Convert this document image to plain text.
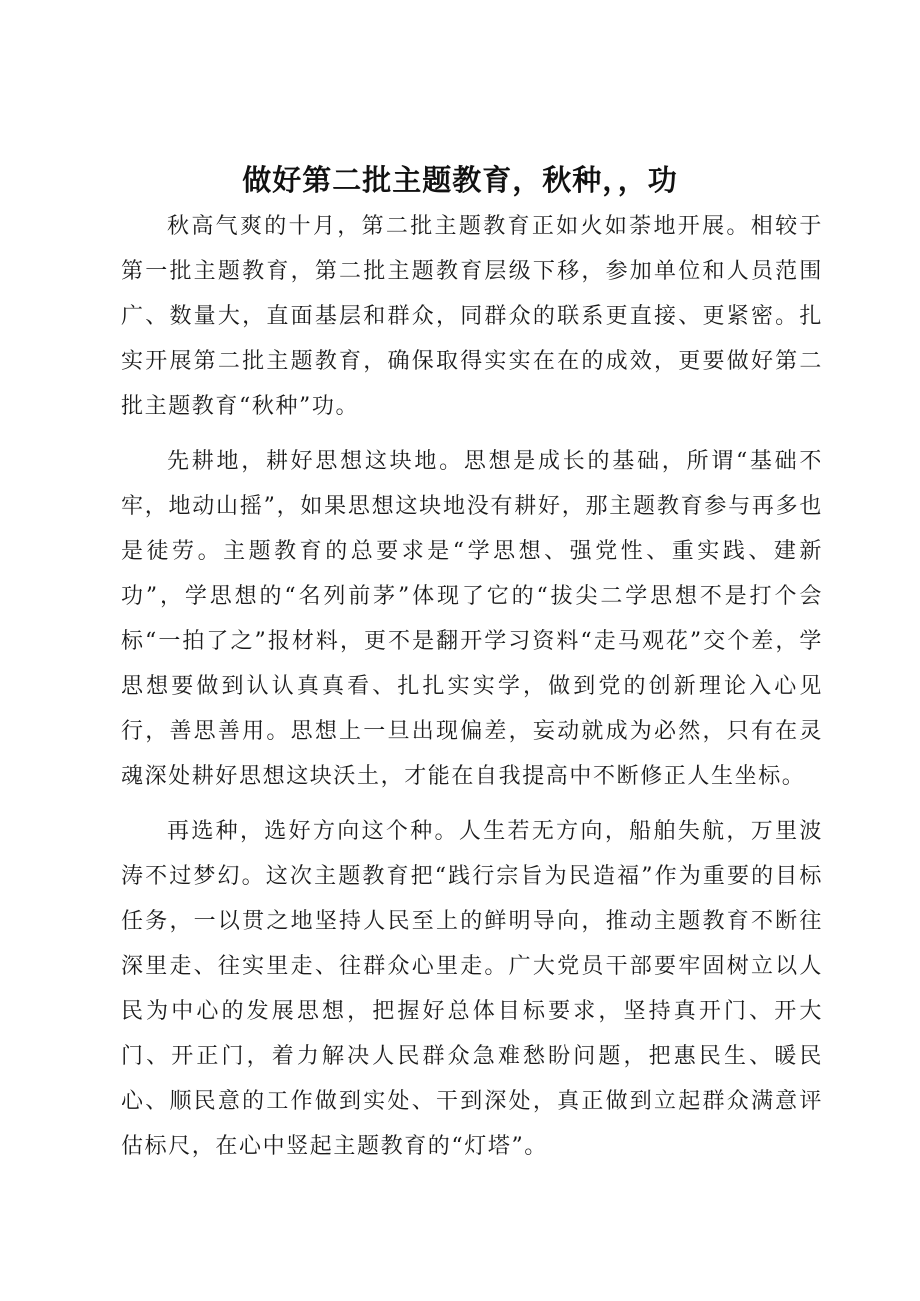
做好第二批主题教育，秋种，，功

秋高气爽的十月，第二批主题教育正如火如荼地开展。相较于第一批主题教育，第二批主题教育层级下移，参加单位和人员范围广、数量大，直面基层和群众，同群众的联系更直接、更紧密。扎实开展第二批主题教育，确保取得实实在在的成效，更要做好第二批主题教育“秋种”功。

先耕地，耕好思想这块地。思想是成长的基础，所谓“基础不牢，地动山摇”，如果思想这块地没有耕好，那主题教育参与再多也是徒劳。主题教育的总要求是“学思想、强党性、重实践、建新功”，学思想的“名列前茅”体现了它的“拔尖二学思想不是打个会标“一拍了之”报材料，更不是翻开学习资料“走马观花”交个差，学思想要做到认认真真看、扎扎实实学，做到党的创新理论入心见行，善思善用。思想上一旦出现偏差，妄动就成为必然，只有在灵魂深处耕好思想这块沃土，才能在自我提高中不断修正人生坐标。

再选种，选好方向这个种。人生若无方向，船舶失航，万里波涛不过梦幻。这次主题教育把“践行宗旨为民造福”作为重要的目标任务，一以贯之地坚持人民至上的鲜明导向，推动主题教育不断往深里走、往实里走、往群众心里走。广大党员干部要牢固树立以人民为中心的发展思想，把握好总体目标要求，坚持真开门、开大门、开正门，着力解决人民群众急难愁盼问题，把惠民生、暖民心、顺民意的工作做到实处、干到深处，真正做到立起群众满意评估标尺，在心中竖起主题教育的“灯塔”。
